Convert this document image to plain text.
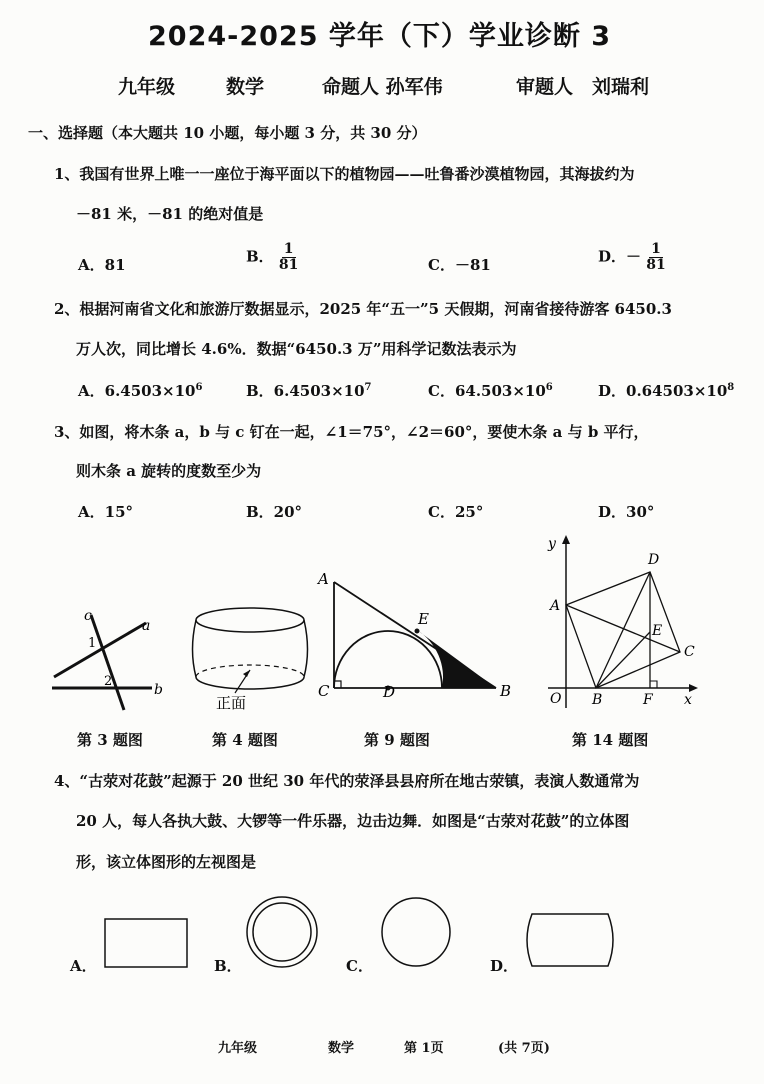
2024-2025 学年（下）学业诊断 3
九年级	数学	命题人 孙军伟	审题人　刘瑞利
一、选择题（本大题共 10 小题，每小题 3 分，共 30 分）
1、我国有世界上唯一一座位于海平面以下的植物园——吐鲁番沙漠植物园，其海拔约为
－81 米，－81 的绝对值是
A．81	B． $\frac{1}{81}$	C．－81	D．－ $\frac{1}{81}$
2、根据河南省文化和旅游厅数据显示，2025 年“五一”5 天假期，河南省接待游客 6450.3
万人次，同比增长 4.6%．数据“6450.3 万”用科学记数法表示为
A．$6.4503\times 10^6$	B．$6.4503\times 10^7$	C．$64.503\times 10^6$	D．$0.64503\times 10^8$
3、如图，将木条 a，b 与 c 钉在一起，∠1＝75°，∠2＝60°，要使木条 a 与 b 平行，
则木条 a 旋转的度数至少为
A．15°	B．20°	C．25°	D．30°
c
a
1
2
b
正面
A
E
C	D	B
y
D
A
E
C
O B	F x
第 3 题图	第 4 题图	第 9 题图	第 14 题图
4、“古荥对花鼓”起源于 20 世纪 30 年代的荥泽县县府所在地古荥镇，表演人数通常为
20 人，每人各执大鼓、大锣等一件乐器，边击边舞．如图是“古荥对花鼓”的立体图
形，该立体图形的左视图是
A．	B．	C．	D．
九年级	数学	第 1页	(共 7页)
